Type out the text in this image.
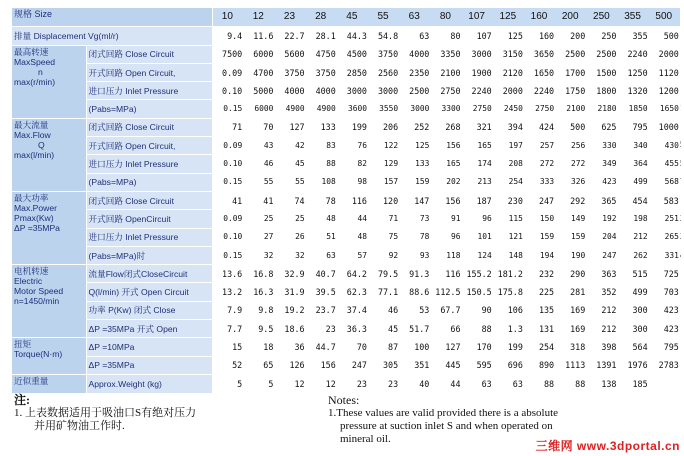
规格 Size		10	12	23	28	45	55	63	80	107	125	160	200	250	355	500	
排量 Displacement Vg(ml/r)		9.4	11.6	22.7	28.1	44.3	54.8	63	80	107	125	160	200	250	355	500	

最高转速
MaxSpeed
n
max(r/min)	闭式回路 Close Circuit	7500	6000	5600	4750	4500	3750	4000	3350	3000	3150	3650	2500	2500	2240	2000	
	开式回路 Open Circuit,	0.09	4700	3750	3750	2850	2560	2350	2100	1900	2120	1650	1700	1500	1250	1120	
	进口压力 Inlet Pressure	0.10	5000	4000	4000	3000	3000	2500	2750	2240	2000	2240	1750	1800	1320	1200	
	(Pabs=MPa)	0.15	6000	4900	4900	3600	3550	3000	3300	2750	2450	2750	2100	2180	1850	1650	

最大流量
Max.Flow
Q
max(l/min)	闭式回路 Close Circuit	71	70	127	133	199	206	252	268	321	394	424	500	625	795	1000	
	开式回路 Open Circuit,	0.09	43	42	83	76	122	125	156	165	197	257	256	330	340	430	
	进口压力 Inlet Pressure	0.10	46	45	88	82	129	133	165	174	208	272	272	349	364	455	
	(Pabs=MPa)	0.15	55	55	108	98	157	159	202	213	254	333	326	423	499	568	

最大功率
Max.Power
Pmax(Kw)
ΔP =35MPa	闭式回路 Close Circuit	41	41	74	78	116	120	147	156	187	230	247	292	365	454	583	
	开式回路 OpenCircuit	0.09	25	25	48	44	71	73	91	96	115	150	149	192	198	251	
	进口压力 Inlet Pressure	0.10	27	26	51	48	75	78	96	101	121	159	159	204	212	265	
	(Pabs=MPa)时	0.15	32	32	63	57	92	93	118	124	148	194	190	247	262	331	

电机转速
Electric
Motor Speed
n=1450/min	流量Flow闭式CloseCircuit	13.6	16.8	32.9	40.7	64.2	79.5	91.3	116	155.2	181.2	232	290	363	515	725	
	Q(l/min) 开式 Open Circuit	13.2	16.3	31.9	39.5	62.3	77.1	88.6	112.5	150.5	175.8	225	281	352	499	703	
	功率 P(Kw) 闭式 Close	7.9	9.8	19.2	23.7	37.4	46	53	67.7	90	106	135	169	212	300	423	
	ΔP =35MPa 开式 Open	7.7	9.5	18.6	23	36.3	45	51.7	66	88	1.3	131	169	212	300	423	

扭矩
Torque(N·m)	ΔP =10MPa	15	18	36	44.7	70	87	100	127	170	199	254	318	398	564	795	
	ΔP =35MPa	52	65	126	156	247	305	351	445	595	696	890	1113	1391	1976	2783	
近似重量	Approx.Weight (kg)	5	5	12	12	23	23	40	44	63	63	88	88	138	185		
注:
1. 上表数据适用于吸油口S有绝对压力
并用矿物油工作时.
Notes:
1.These values are valid provided there is a absolute
pressure at suction inlet S and when operated on
mineral oil.	三维网 www.3dportal.cn
